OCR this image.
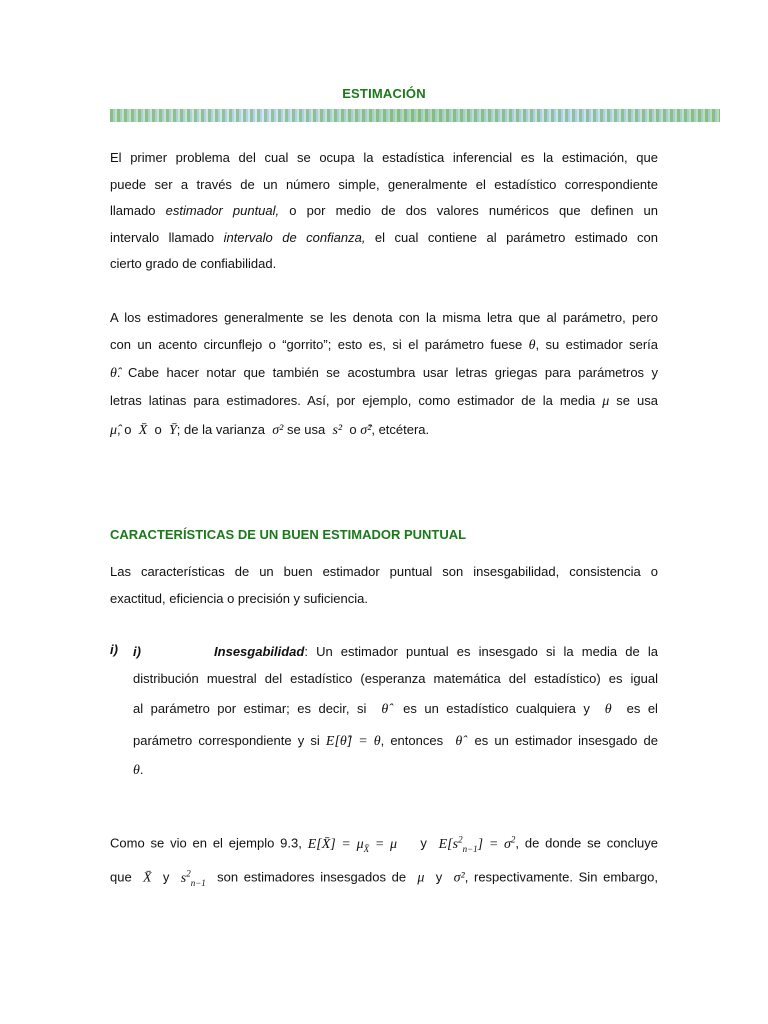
ESTIMACIÓN
El primer problema del cual se ocupa la estadística inferencial es la estimación, que
puede ser a través de un número simple, generalmente el estadístico correspondiente
llamado estimador puntual, o por medio de dos valores numéricos que definen un
intervalo llamado intervalo de confianza, el cual contiene al parámetro estimado con
cierto grado de confiabilidad.
A los estimadores generalmente se les denota con la misma letra que al parámetro, pero
con un acento circunflejo o “gorrito”; esto es, si el parámetro fuese θ, su estimador sería
θ̂. Cabe hacer notar que también se acostumbra usar letras griegas para parámetros y
letras latinas para estimadores. Así, por ejemplo, como estimador de la media μ se usa
μ̂, o X̄ o Ȳ; de la varianza σ² se usa s² o σ̂², etcétera.
CARACTERÍSTICAS DE UN BUEN ESTIMADOR PUNTUAL
Las características de un buen estimador puntual son insesgabilidad, consistencia o
exactitud, eficiencia o precisión y suficiencia.
i) i)	Insesgabilidad: Un estimador puntual es insesgado si la media de la
distribución muestral del estadístico (esperanza matemática del estadístico) es igual
al parámetro por estimar; es decir, si θ̂ es un estadístico cualquiera y θ es el
parámetro correspondiente y si E[θ̂] = θ, entonces θ̂ es un estimador insesgado de
θ.
Como se vio en el ejemplo 9.3, E[X̄] = $\mu_{X̄} = \mu$ y $E[s^2_{n-1}] = \sigma^2$, de donde se concluye
que X̄ y $s^2_{n-1}$ son estimadores insesgados de μ y σ², respectivamente. Sin embargo,
